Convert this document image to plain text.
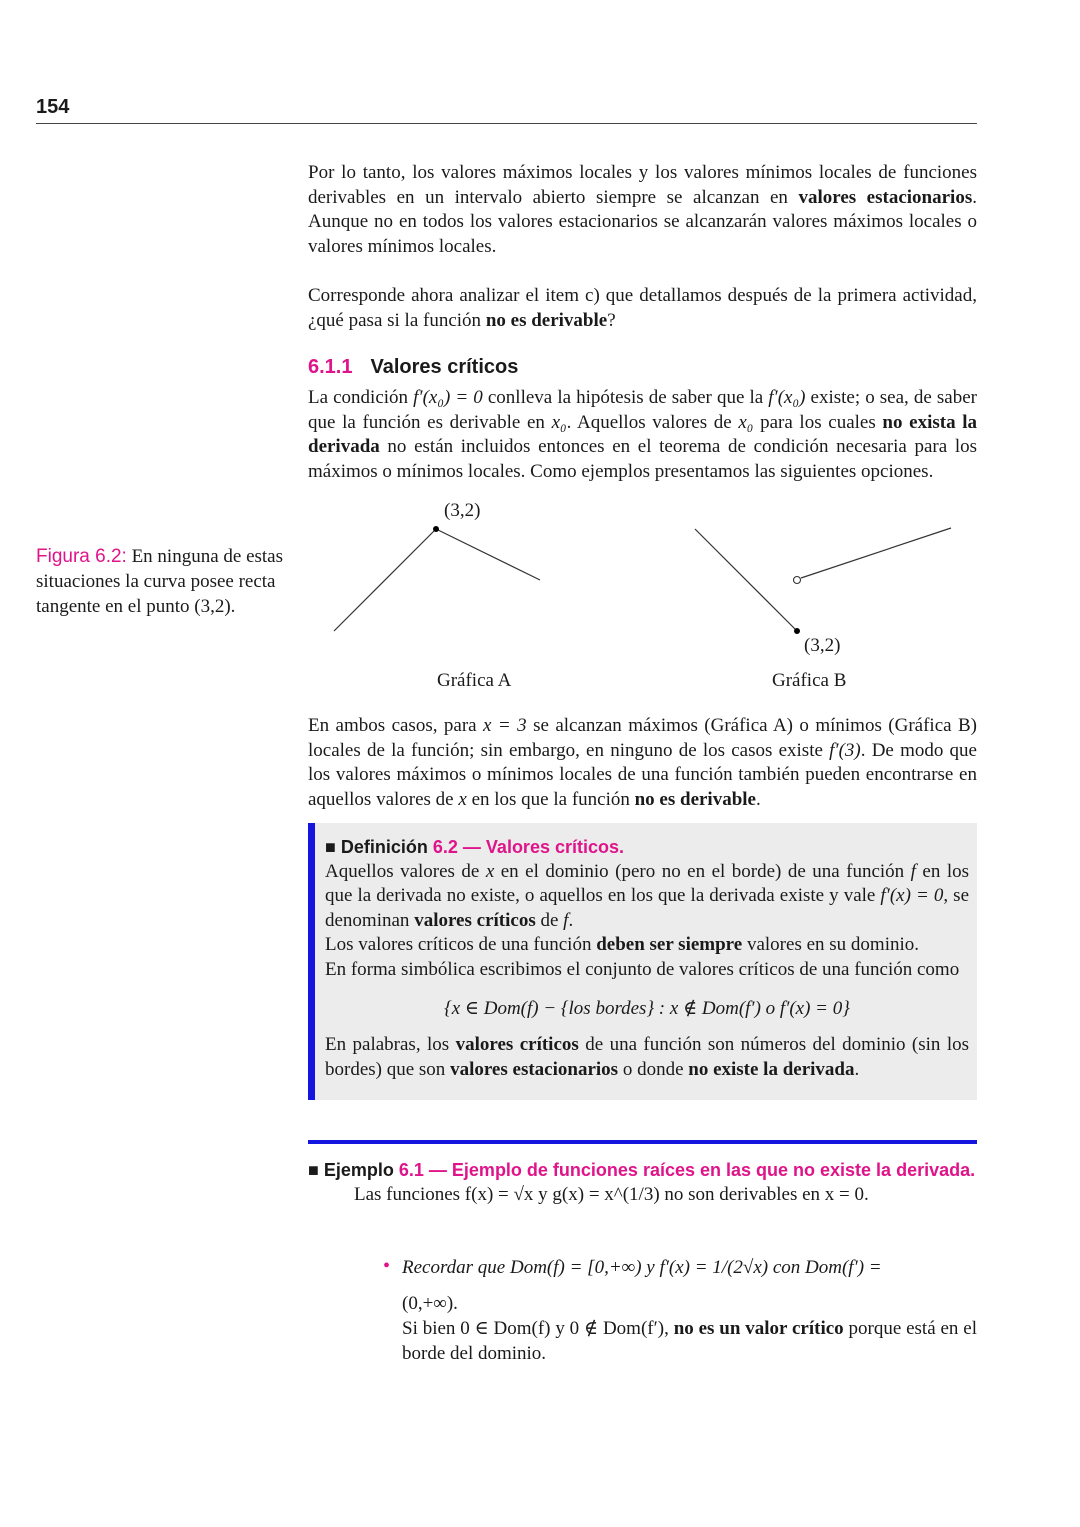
154
Por lo tanto, los valores máximos locales y los valores mínimos locales de funciones derivables en un intervalo abierto siempre se alcanzan en valores estacionarios. Aunque no en todos los valores estacionarios se alcanzarán valores máximos locales o valores mínimos locales.
Corresponde ahora analizar el item c) que detallamos después de la primera actividad, ¿qué pasa si la función no es derivable?
6.1.1 Valores críticos
La condición f′(x₀) = 0 conlleva la hipótesis de saber que la f′(x₀) existe; o sea, de saber que la función es derivable en x₀. Aquellos valores de x₀ para los cuales no exista la derivada no están incluidos entonces en el teorema de condición necesaria para los máximos o mínimos locales. Como ejemplos presentamos las siguientes opciones.
Figura 6.2: En ninguna de estas situaciones la curva posee recta tangente en el punto (3,2).
(3,2)
Gráfica A
(3,2)
Gráfica B
En ambos casos, para x = 3 se alcanzan máximos (Gráfica A) o mínimos (Gráfica B) locales de la función; sin embargo, en ninguno de los casos existe f′(3). De modo que los valores máximos o mínimos locales de una función también pueden encontrarse en aquellos valores de x en los que la función no es derivable.
■ Definición 6.2 — Valores críticos.
Aquellos valores de x en el dominio (pero no en el borde) de una función f en los que la derivada no existe, o aquellos en los que la derivada existe y vale f′(x) = 0, se denominan valores críticos de f.
Los valores críticos de una función deben ser siempre valores en su dominio.
En forma simbólica escribimos el conjunto de valores críticos de una función como
{x ∈ Dom(f) − {los bordes} : x ∉ Dom(f′) o f′(x) = 0}
En palabras, los valores críticos de una función son números del dominio (sin los bordes) que son valores estacionarios o donde no existe la derivada.
■ Ejemplo 6.1 — Ejemplo de funciones raíces en las que no existe la derivada.
Las funciones f(x) = √x y g(x) = x^(1/3) no son derivables en x = 0.
• Recordar que Dom(f) = [0,+∞) y f′(x) = 1/(2√x) con Dom(f′) =
(0,+∞).
Si bien 0 ∈ Dom(f) y 0 ∉ Dom(f′), no es un valor crítico porque está en el borde del dominio.
